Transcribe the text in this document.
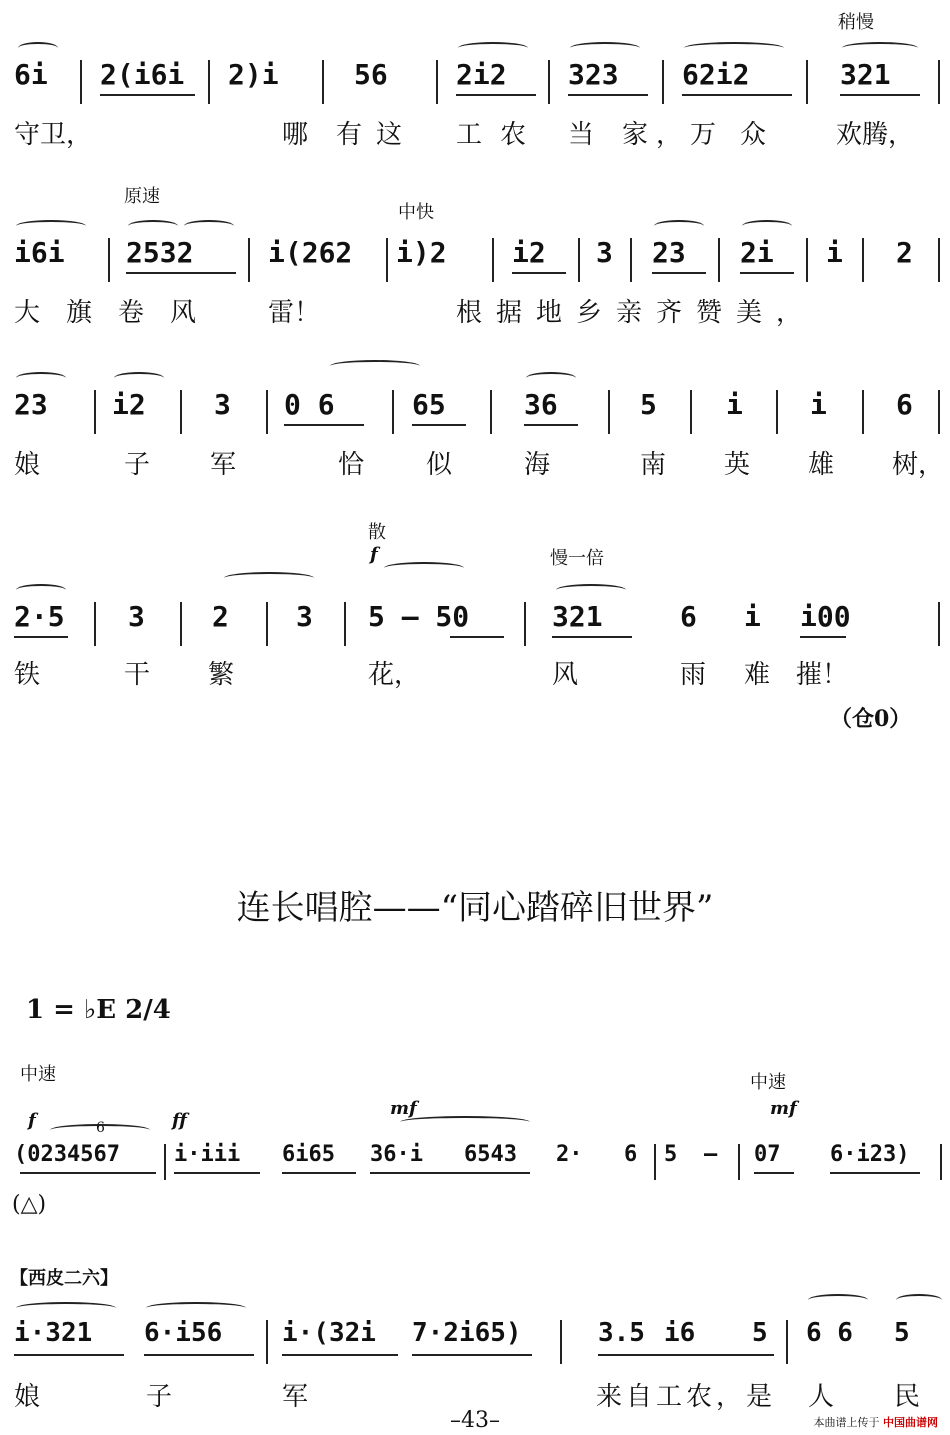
稍慢
6i 2(i6i 2)i	56 2i2 323 62i2	321
守卫，	哪 有这 工农 当 家，万 众	欢腾，
原速
中快
i6i 2532	i(262 i)2 i2 3 23 2i i 2
大旗卷风 雷！	根据地乡亲齐赞美，
23 i2 3 0 6	65	36	5 i i 6
娘	子 军	恰 似	海	南 英 雄 树，
散
f	慢一倍
2·5 3 2 3 5 — 50	321	6 i i00
铁	干 繁	花，	风	雨 难 摧！
（仓0）
连长唱腔——“同心踏碎旧世界”
1 = ♭E 2/4
中速	中速
f	6	ff
mf	mf
(0234567 i·iii 6i65 36·i 6543 2· 6 5 — 07 6·i23)
(△)
【西皮二六】
i·321 6·i56 i·(32i 7·2i65)	3.5 i6 5 6 6 5
娘	子	军	来自工农，是 人 民
–43–	本曲谱上传于 中国曲谱网
